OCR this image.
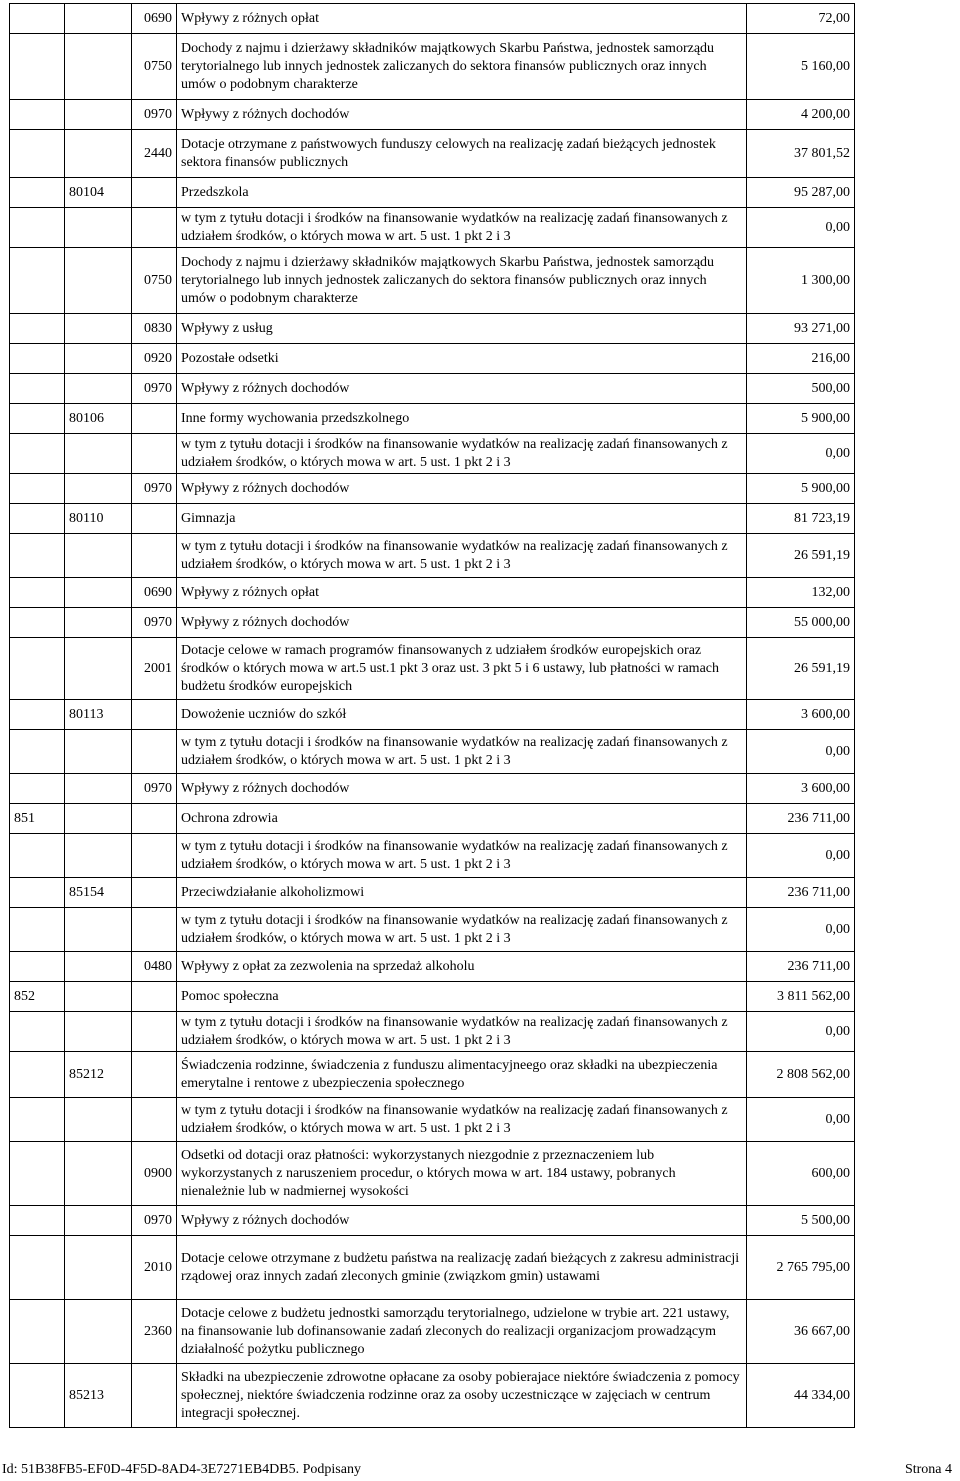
		0690	Wpływy z różnych opłat	72,00
		0750	Dochody z najmu i dzierżawy składników majątkowych Skarbu Państwa, jednostek samorządu terytorialnego lub innych jednostek zaliczanych do sektora finansów publicznych oraz innych umów o podobnym charakterze	5 160,00
		0970	Wpływy z różnych dochodów	4 200,00
		2440	Dotacje otrzymane z państwowych funduszy celowych na realizację zadań bieżących jednostek sektora finansów publicznych	37 801,52
	80104		Przedszkola	95 287,00
			w tym z tytułu dotacji i środków na finansowanie wydatków na realizację zadań finansowanych z udziałem środków, o których mowa w art. 5 ust. 1 pkt 2 i 3	0,00
		0750	Dochody z najmu i dzierżawy składników majątkowych Skarbu Państwa, jednostek samorządu terytorialnego lub innych jednostek zaliczanych do sektora finansów publicznych oraz innych umów o podobnym charakterze	1 300,00
		0830	Wpływy z usług	93 271,00
		0920	Pozostałe odsetki	216,00
		0970	Wpływy z różnych dochodów	500,00
	80106		Inne formy wychowania przedszkolnego	5 900,00
			w tym z tytułu dotacji i środków na finansowanie wydatków na realizację zadań finansowanych z udziałem środków, o których mowa w art. 5 ust. 1 pkt 2 i 3	0,00
		0970	Wpływy z różnych dochodów	5 900,00
	80110		Gimnazja	81 723,19
			w tym z tytułu dotacji i środków na finansowanie wydatków na realizację zadań finansowanych z udziałem środków, o których mowa w art. 5 ust. 1 pkt 2 i 3	26 591,19
		0690	Wpływy z różnych opłat	132,00
		0970	Wpływy z różnych dochodów	55 000,00
		2001	Dotacje celowe w ramach programów finansowanych z udziałem środków europejskich oraz środków o których mowa w art.5 ust.1 pkt 3 oraz ust. 3 pkt 5 i 6 ustawy, lub płatności w ramach budżetu środków europejskich	26 591,19
	80113		Dowożenie uczniów do szkół	3 600,00
			w tym z tytułu dotacji i środków na finansowanie wydatków na realizację zadań finansowanych z udziałem środków, o których mowa w art. 5 ust. 1 pkt 2 i 3	0,00
		0970	Wpływy z różnych dochodów	3 600,00
851			Ochrona zdrowia	236 711,00
			w tym z tytułu dotacji i środków na finansowanie wydatków na realizację zadań finansowanych z udziałem środków, o których mowa w art. 5 ust. 1 pkt 2 i 3	0,00
	85154		Przeciwdziałanie alkoholizmowi	236 711,00
			w tym z tytułu dotacji i środków na finansowanie wydatków na realizację zadań finansowanych z udziałem środków, o których mowa w art. 5 ust. 1 pkt 2 i 3	0,00
		0480	Wpływy z opłat za zezwolenia na sprzedaż alkoholu	236 711,00
852			Pomoc społeczna	3 811 562,00
			w tym z tytułu dotacji i środków na finansowanie wydatków na realizację zadań finansowanych z udziałem środków, o których mowa w art. 5 ust. 1 pkt 2 i 3	0,00
	85212		Świadczenia rodzinne, świadczenia z funduszu alimentacyjneego oraz składki na ubezpieczenia emerytalne i rentowe z ubezpieczenia społecznego	2 808 562,00
			w tym z tytułu dotacji i środków na finansowanie wydatków na realizację zadań finansowanych z udziałem środków, o których mowa w art. 5 ust. 1 pkt 2 i 3	0,00
		0900	Odsetki od dotacji oraz płatności: wykorzystanych niezgodnie z przeznaczeniem lub wykorzystanych z naruszeniem procedur, o których mowa w art. 184 ustawy, pobranych nienależnie lub w nadmiernej wysokości	600,00
		0970	Wpływy z różnych dochodów	5 500,00
		2010	Dotacje celowe otrzymane z budżetu państwa na realizację zadań bieżących z zakresu administracji rządowej oraz innych zadań zleconych gminie (związkom gmin) ustawami	2 765 795,00
		2360	Dotacje celowe z budżetu jednostki samorządu terytorialnego, udzielone w trybie art. 221 ustawy, na finansowanie lub dofinansowanie zadań zleconych do realizacji organizacjom prowadzącym działalność pożytku publicznego	36 667,00
	85213		Składki na ubezpieczenie zdrowotne opłacane za osoby pobierajace niektóre świadczenia z pomocy społecznej, niektóre świadczenia rodzinne oraz za osoby uczestniczące w zajęciach w centrum integracji społecznej.	44 334,00
Id: 51B38FB5-EF0D-4F5D-8AD4-3E7271EB4DB5. Podpisany	Strona 4
